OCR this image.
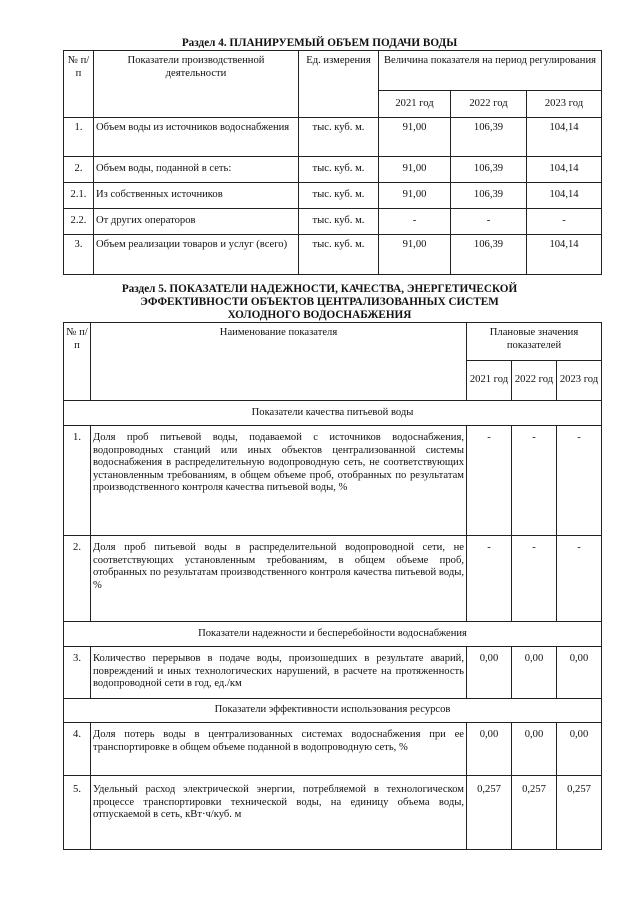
Раздел 4. ПЛАНИРУЕМЫЙ ОБЪЕМ ПОДАЧИ ВОДЫ
№ п/п	Показатели производственной деятельности	Ед. измерения	Величина показателя на период регулирования		
			2021 год	2022 год	2023 год
1.	Объем воды из источников водоснабжения	тыс. куб. м.	91,00	106,39	104,14
2.	Объем воды, поданной в сеть:	тыс. куб. м.	91,00	106,39	104,14
2.1.	Из собственных источников	тыс. куб. м.	91,00	106,39	104,14
2.2.	От других операторов	тыс. куб. м.	-	-	-
3.	Объем реализации товаров и услуг (всего)	тыс. куб. м.	91,00	106,39	104,14
Раздел 5. ПОКАЗАТЕЛИ НАДЕЖНОСТИ, КАЧЕСТВА, ЭНЕРГЕТИЧЕСКОЙ
ЭФФЕКТИВНОСТИ ОБЪЕКТОВ ЦЕНТРАЛИЗОВАННЫХ СИСТЕМ
ХОЛОДНОГО ВОДОСНАБЖЕНИЯ
№ п/п	Наименование показателя	Плановые значения показателей		
		2021 год	2022 год	2023 год
Показатели качества питьевой воды				
1.	Доля проб питьевой воды, подаваемой с источников водоснабжения, водопроводных станций или иных объектов централизованной системы водоснабжения в распределительную водопроводную сеть, не соответствующих установленным требованиям, в общем объеме проб, отобранных по результатам производственного контроля качества питьевой воды, %	-	-	-
2.	Доля проб питьевой воды в распределительной водопроводной сети, не соответствующих установленным требованиям, в общем объеме проб, отобранных по результатам производственного контроля качества питьевой воды, %	-	-	-
Показатели надежности и бесперебойности водоснабжения				
3.	Количество перерывов в подаче воды, произошедших в результате аварий, повреждений и иных технологических нарушений, в расчете на протяженность водопроводной сети в год, ед./км	0,00	0,00	0,00
Показатели эффективности использования ресурсов				
4.	Доля потерь воды в централизованных системах водоснабжения при ее транспортировке в общем объеме поданной в водопроводную сеть, %	0,00	0,00	0,00
5.	Удельный расход электрической энергии, потребляемой в технологическом процессе транспортировки технической воды, на единицу объема воды, отпускаемой в сеть, кВт·ч/куб. м	0,257	0,257	0,257
